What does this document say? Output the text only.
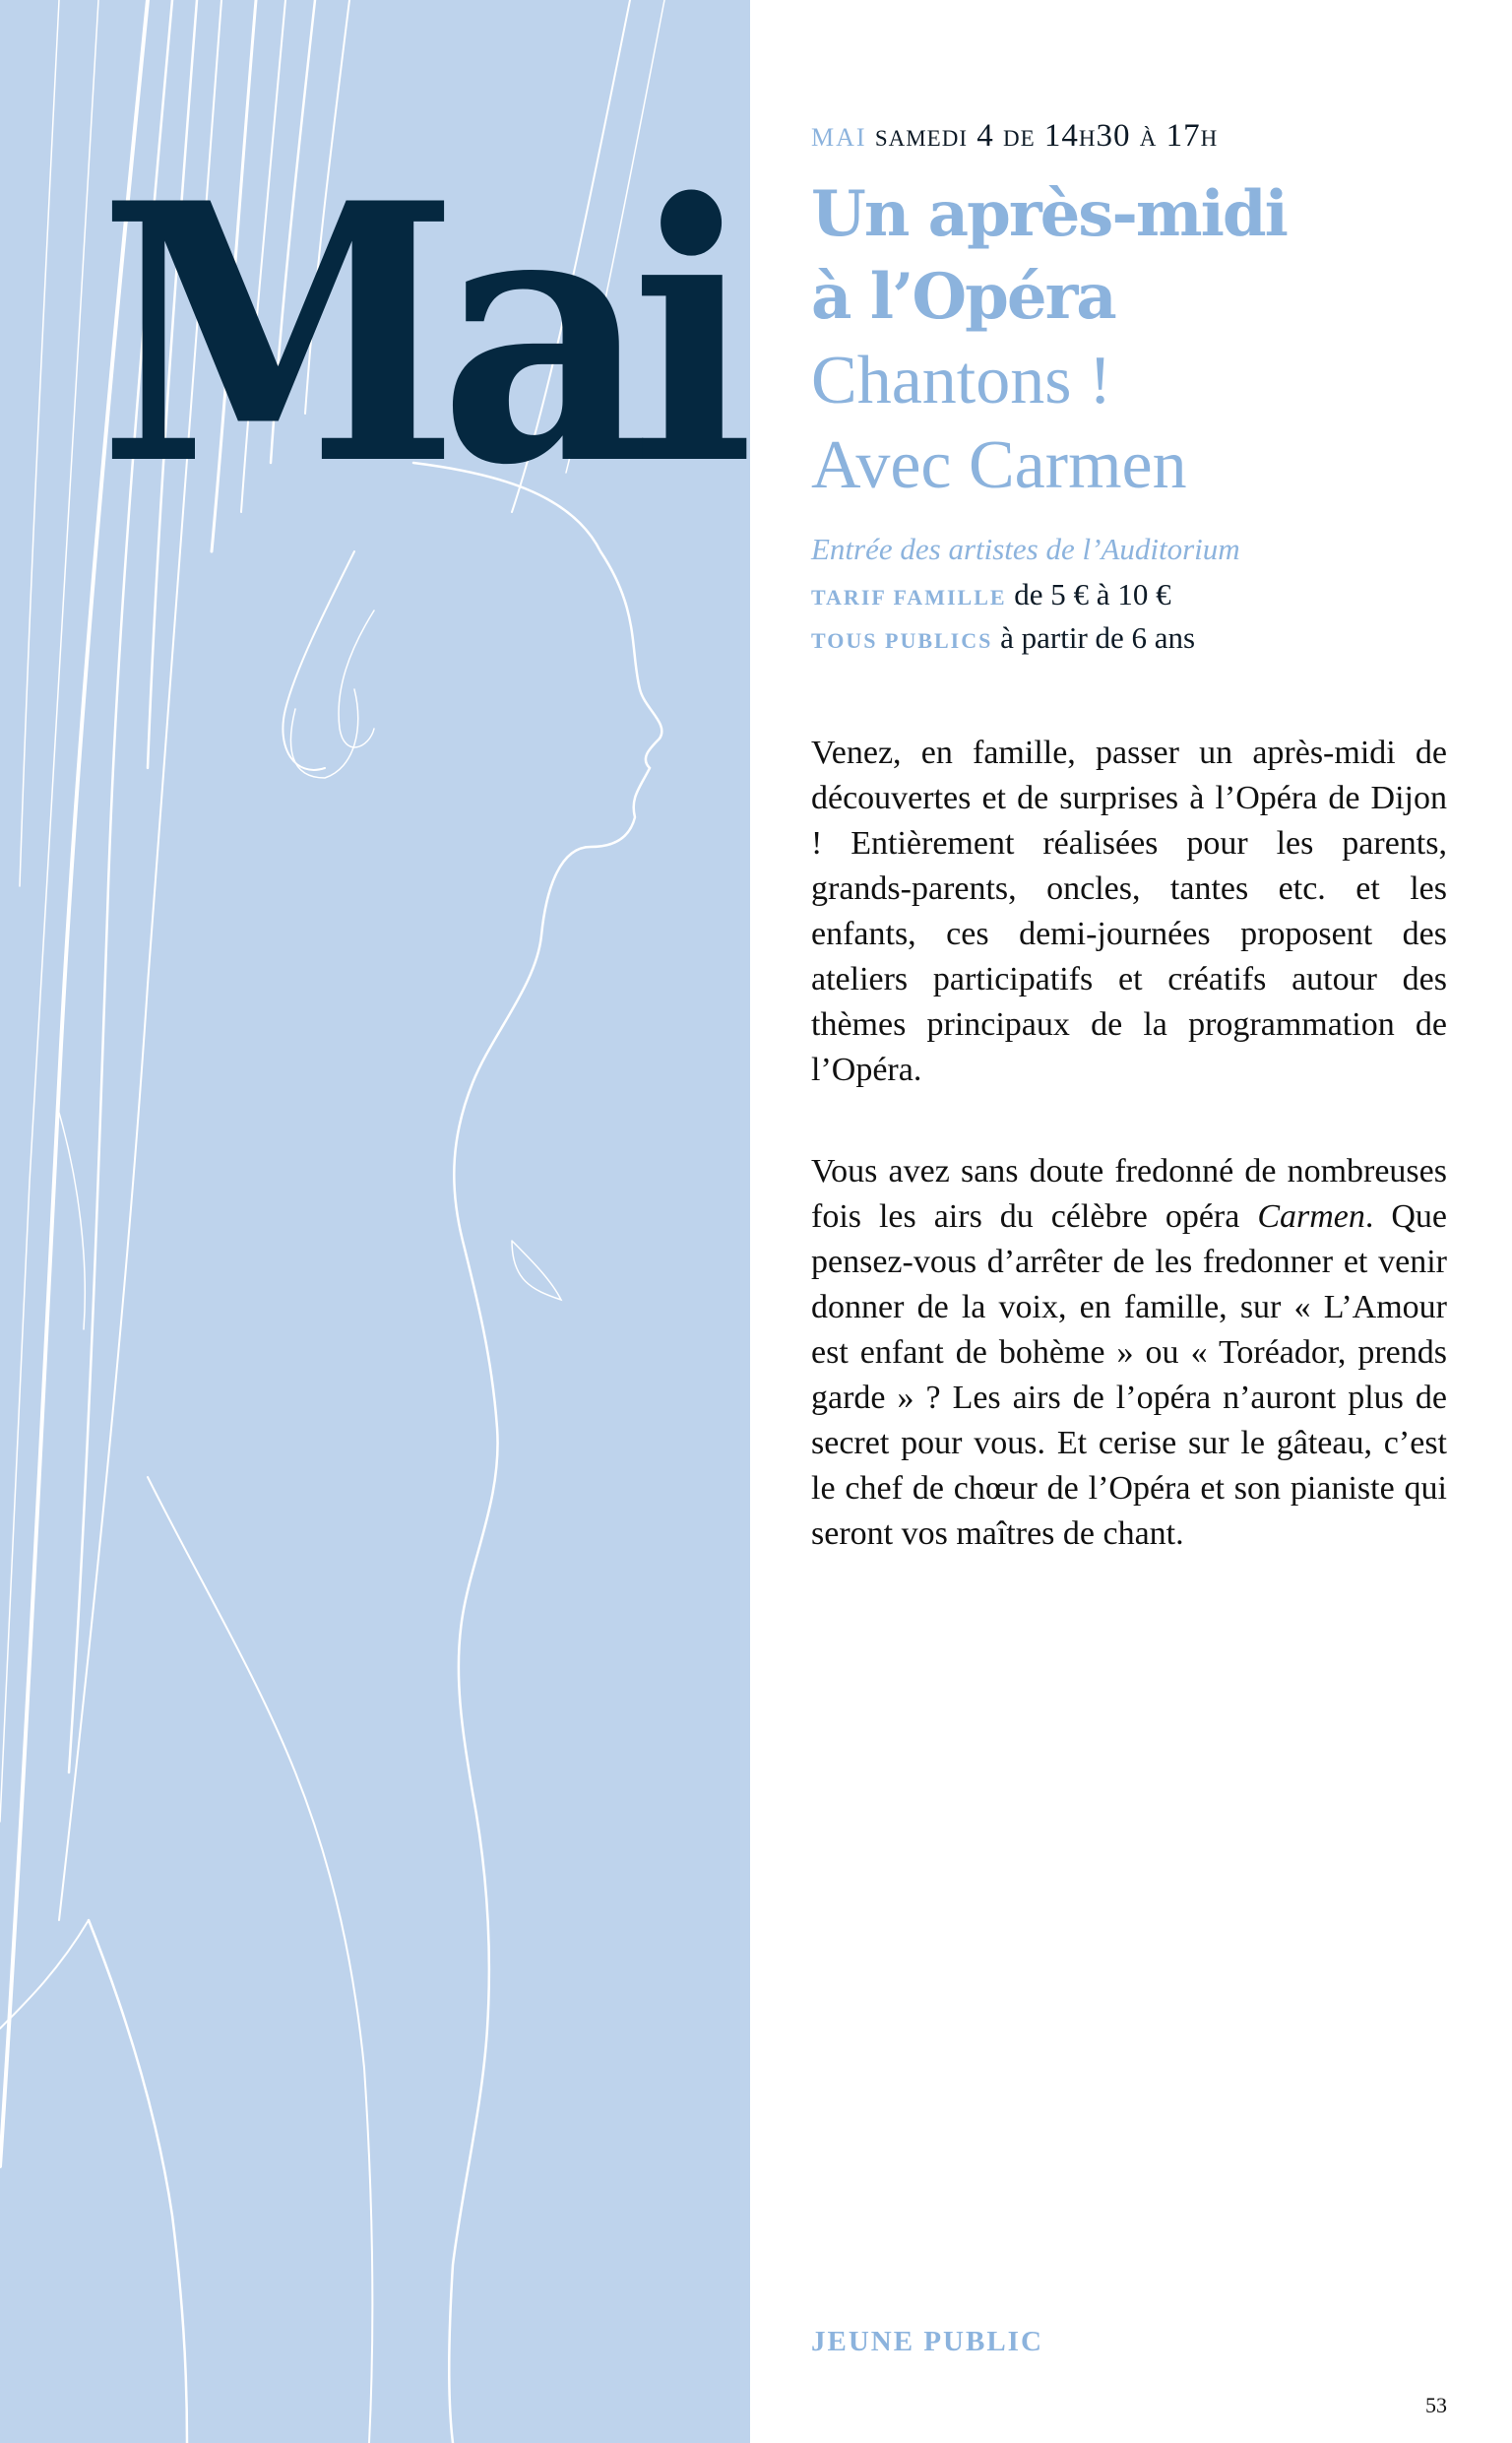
Mai	MAI samedi 4 de 14h30 à 17h
Un après-midi
à l’Opéra
Chantons !
Avec Carmen
Entrée des artistes de l’Auditorium
TARIF FAMILLE de 5 € à 10 €
TOUS PUBLICS à partir de 6 ans

Venez, en famille, passer un après-midi de découvertes et de surprises à l’Opéra de Dijon ! Entièrement réalisées pour les parents, grands-parents, oncles, tantes etc. et les enfants, ces demi-journées proposent des ateliers participatifs et créatifs autour des thèmes principaux de la programmation de l’Opéra.

Vous avez sans doute fredonné de nombreuses fois les airs du célèbre opéra Carmen. Que pensez-vous d’arrêter de les fredonner et venir donner de la voix, en famille, sur « L’Amour est enfant de bohème » ou « Toréador, prends garde » ? Les airs de l’opéra n’auront plus de secret pour vous. Et cerise sur le gâteau, c’est le chef de chœur de l’Opéra et son pianiste qui seront vos maîtres de chant.

JEUNE PUBLIC
53
